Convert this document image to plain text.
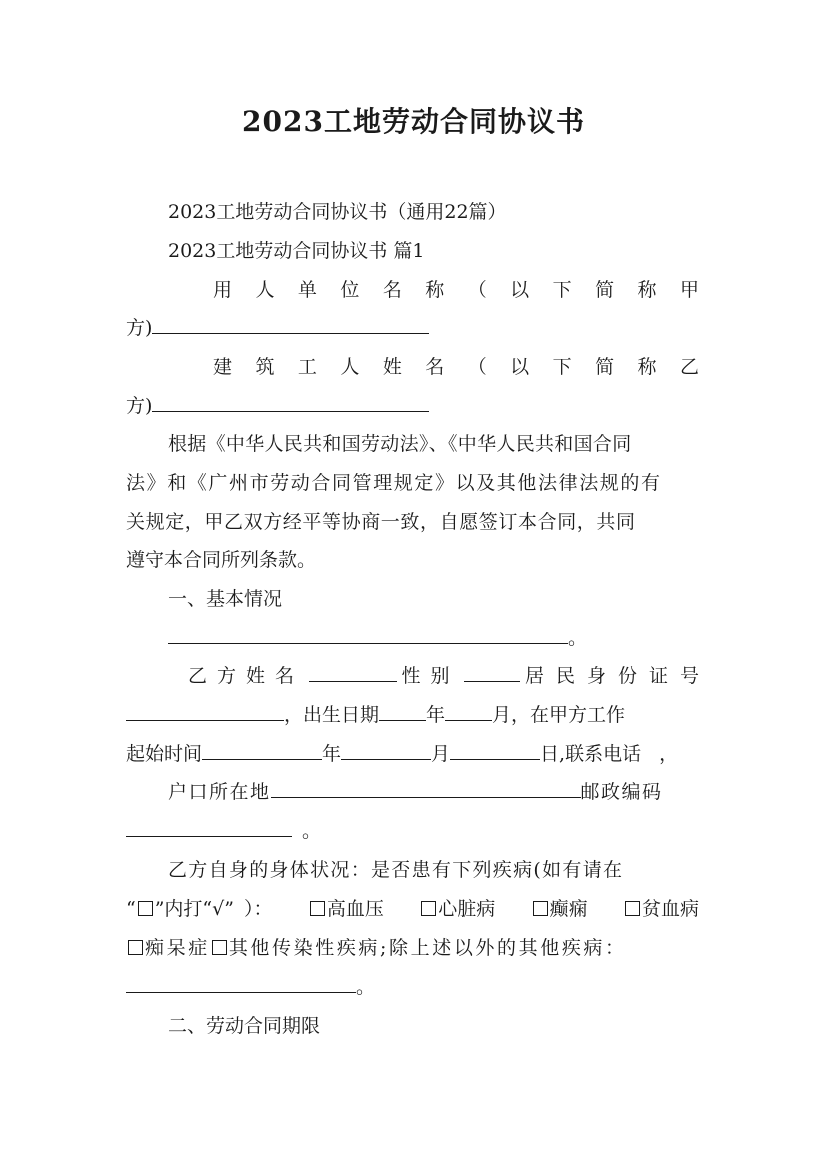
2023工地劳动合同协议书
2023工地劳动合同协议书（通用22篇）
2023工地劳动合同协议书 篇1
用 人 单 位 名 称 （ 以 下 简 称 甲
方)
建 筑 工 人 姓 名 （ 以 下 简 称 乙
方)
根据《中华人民共和国劳动法》、《中华人民共和国合同
法》和《广州市劳动合同管理规定》以及其他法律法规的有
关规定，甲乙双方经平等协商一致，自愿签订本合同，共同
遵守本合同所列条款。
一、基本情况
。
乙方姓名	性别	居民身份证号
，出生日期 年 月，在甲方工作
起始时间	年	月	日,联系电话 ，
户口所在地	邮政编码
。
乙方自身的身体状况：是否患有下列疾病(如有请在
“ ”内打“√” ）：	高血压	心脏病	癫痫	贫血病
痴呆症 其他传染性疾病;除上述以外的其他疾病：
。
二、劳动合同期限
